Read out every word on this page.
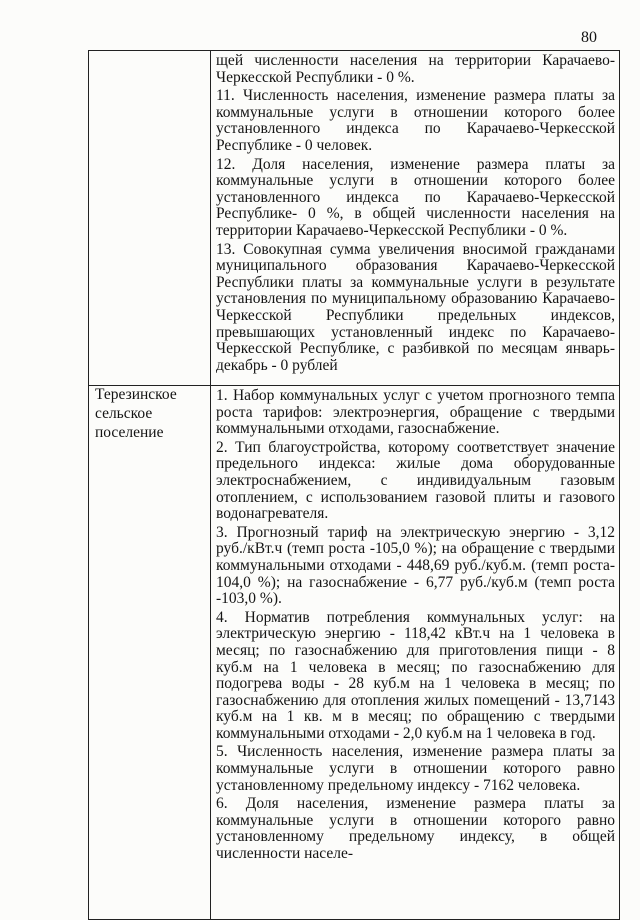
80

щей численности населения на территории Карачаево-Черкесской Республики - 0 %.

11. Численность населения, изменение размера платы за коммунальные услуги в отношении которого более установленного индекса по Карачаево-Черкесской Республике - 0 человек.

12. Доля населения, изменение размера платы за коммунальные услуги в отношении которого более установленного индекса по Карачаево-Черкесской Республике- 0 %, в общей численности населения на территории Карачаево-Черкесской Республики - 0 %.

13. Совокупная сумма увеличения вносимой гражданами муниципального образования Карачаево-Черкесской Республики платы за коммунальные услуги в результате установления по муниципальному образованию Карачаево-Черкесской Республики предельных индексов, превышающих установленный индекс по Карачаево-Черкесской Республике, с разбивкой по месяцам январь-декабрь - 0 рублей

Терезинское сельское поселение

1. Набор коммунальных услуг с учетом прогнозного темпа роста тарифов: электроэнергия, обращение с твердыми коммунальными отходами, газоснабжение.

2. Тип благоустройства, которому соответствует значение предельного индекса: жилые дома оборудованные электроснабжением, с индивидуальным газовым отоплением, с использованием газовой плиты и газового водонагревателя.

3. Прогнозный тариф на электрическую энергию - 3,12 руб./кВт.ч (темп роста -105,0 %); на обращение с твердыми коммунальными отходами - 448,69 руб./куб.м. (темп роста- 104,0 %); на газоснабжение - 6,77 руб./куб.м (темп роста -103,0 %).

4. Норматив потребления коммунальных услуг: на электрическую энергию - 118,42 кВт.ч на 1 человека в месяц; по газоснабжению для приготовления пищи - 8 куб.м на 1 человека в месяц; по газоснабжению для подогрева воды - 28 куб.м на 1 человека в месяц; по газоснабжению для отопления жилых помещений - 13,7143 куб.м на 1 кв. м в месяц; по обращению с твердыми коммунальными отходами - 2,0 куб.м на 1 человека в год.

5. Численность населения, изменение размера платы за коммунальные услуги в отношении которого равно установленному предельному индексу - 7162 человека.

6. Доля населения, изменение размера платы за коммунальные услуги в отношении которого равно установленному предельному индексу, в общей численности населе-
